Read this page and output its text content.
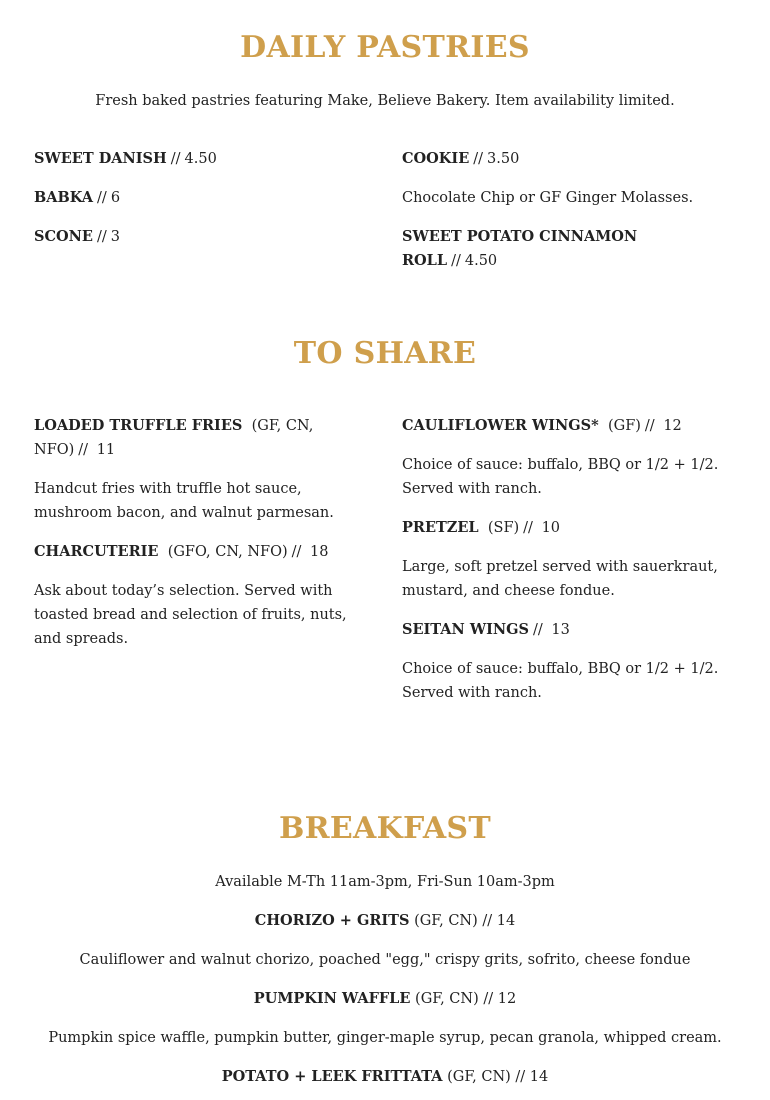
DAILY PASTRIES

Fresh baked pastries featuring Make, Believe Bakery. Item availability limited.

SWEET DANISH // 4.50

BABKA // 6

SCONE // 3

COOKIE // 3.50

Chocolate Chip or GF Ginger Molasses.

SWEET POTATO CINNAMON ROLL // 4.50

TO SHARE

LOADED TRUFFLE FRIES (GF, CN, NFO) // 11

Handcut fries with truffle hot sauce, mushroom bacon, and walnut parmesan.

CHARCUTERIE (GFO, CN, NFO) // 18

Ask about today’s selection. Served with toasted bread and selection of fruits, nuts, and spreads.

CAULIFLOWER WINGS* (GF) // 12

Choice of sauce: buffalo, BBQ or 1/2 + 1/2. Served with ranch.

PRETZEL (SF) // 10

Large, soft pretzel served with sauerkraut, mustard, and cheese fondue.

SEITAN WINGS // 13

Choice of sauce: buffalo, BBQ or 1/2 + 1/2. Served with ranch.

BREAKFAST

Available M-Th 11am-3pm, Fri-Sun 10am-3pm

CHORIZO + GRITS (GF, CN) // 14

Cauliflower and walnut chorizo, poached "egg," crispy grits, sofrito, cheese fondue

PUMPKIN WAFFLE (GF, CN) // 12

Pumpkin spice waffle, pumpkin butter, ginger-maple syrup, pecan granola, whipped cream.

POTATO + LEEK FRITTATA (GF, CN) // 14
